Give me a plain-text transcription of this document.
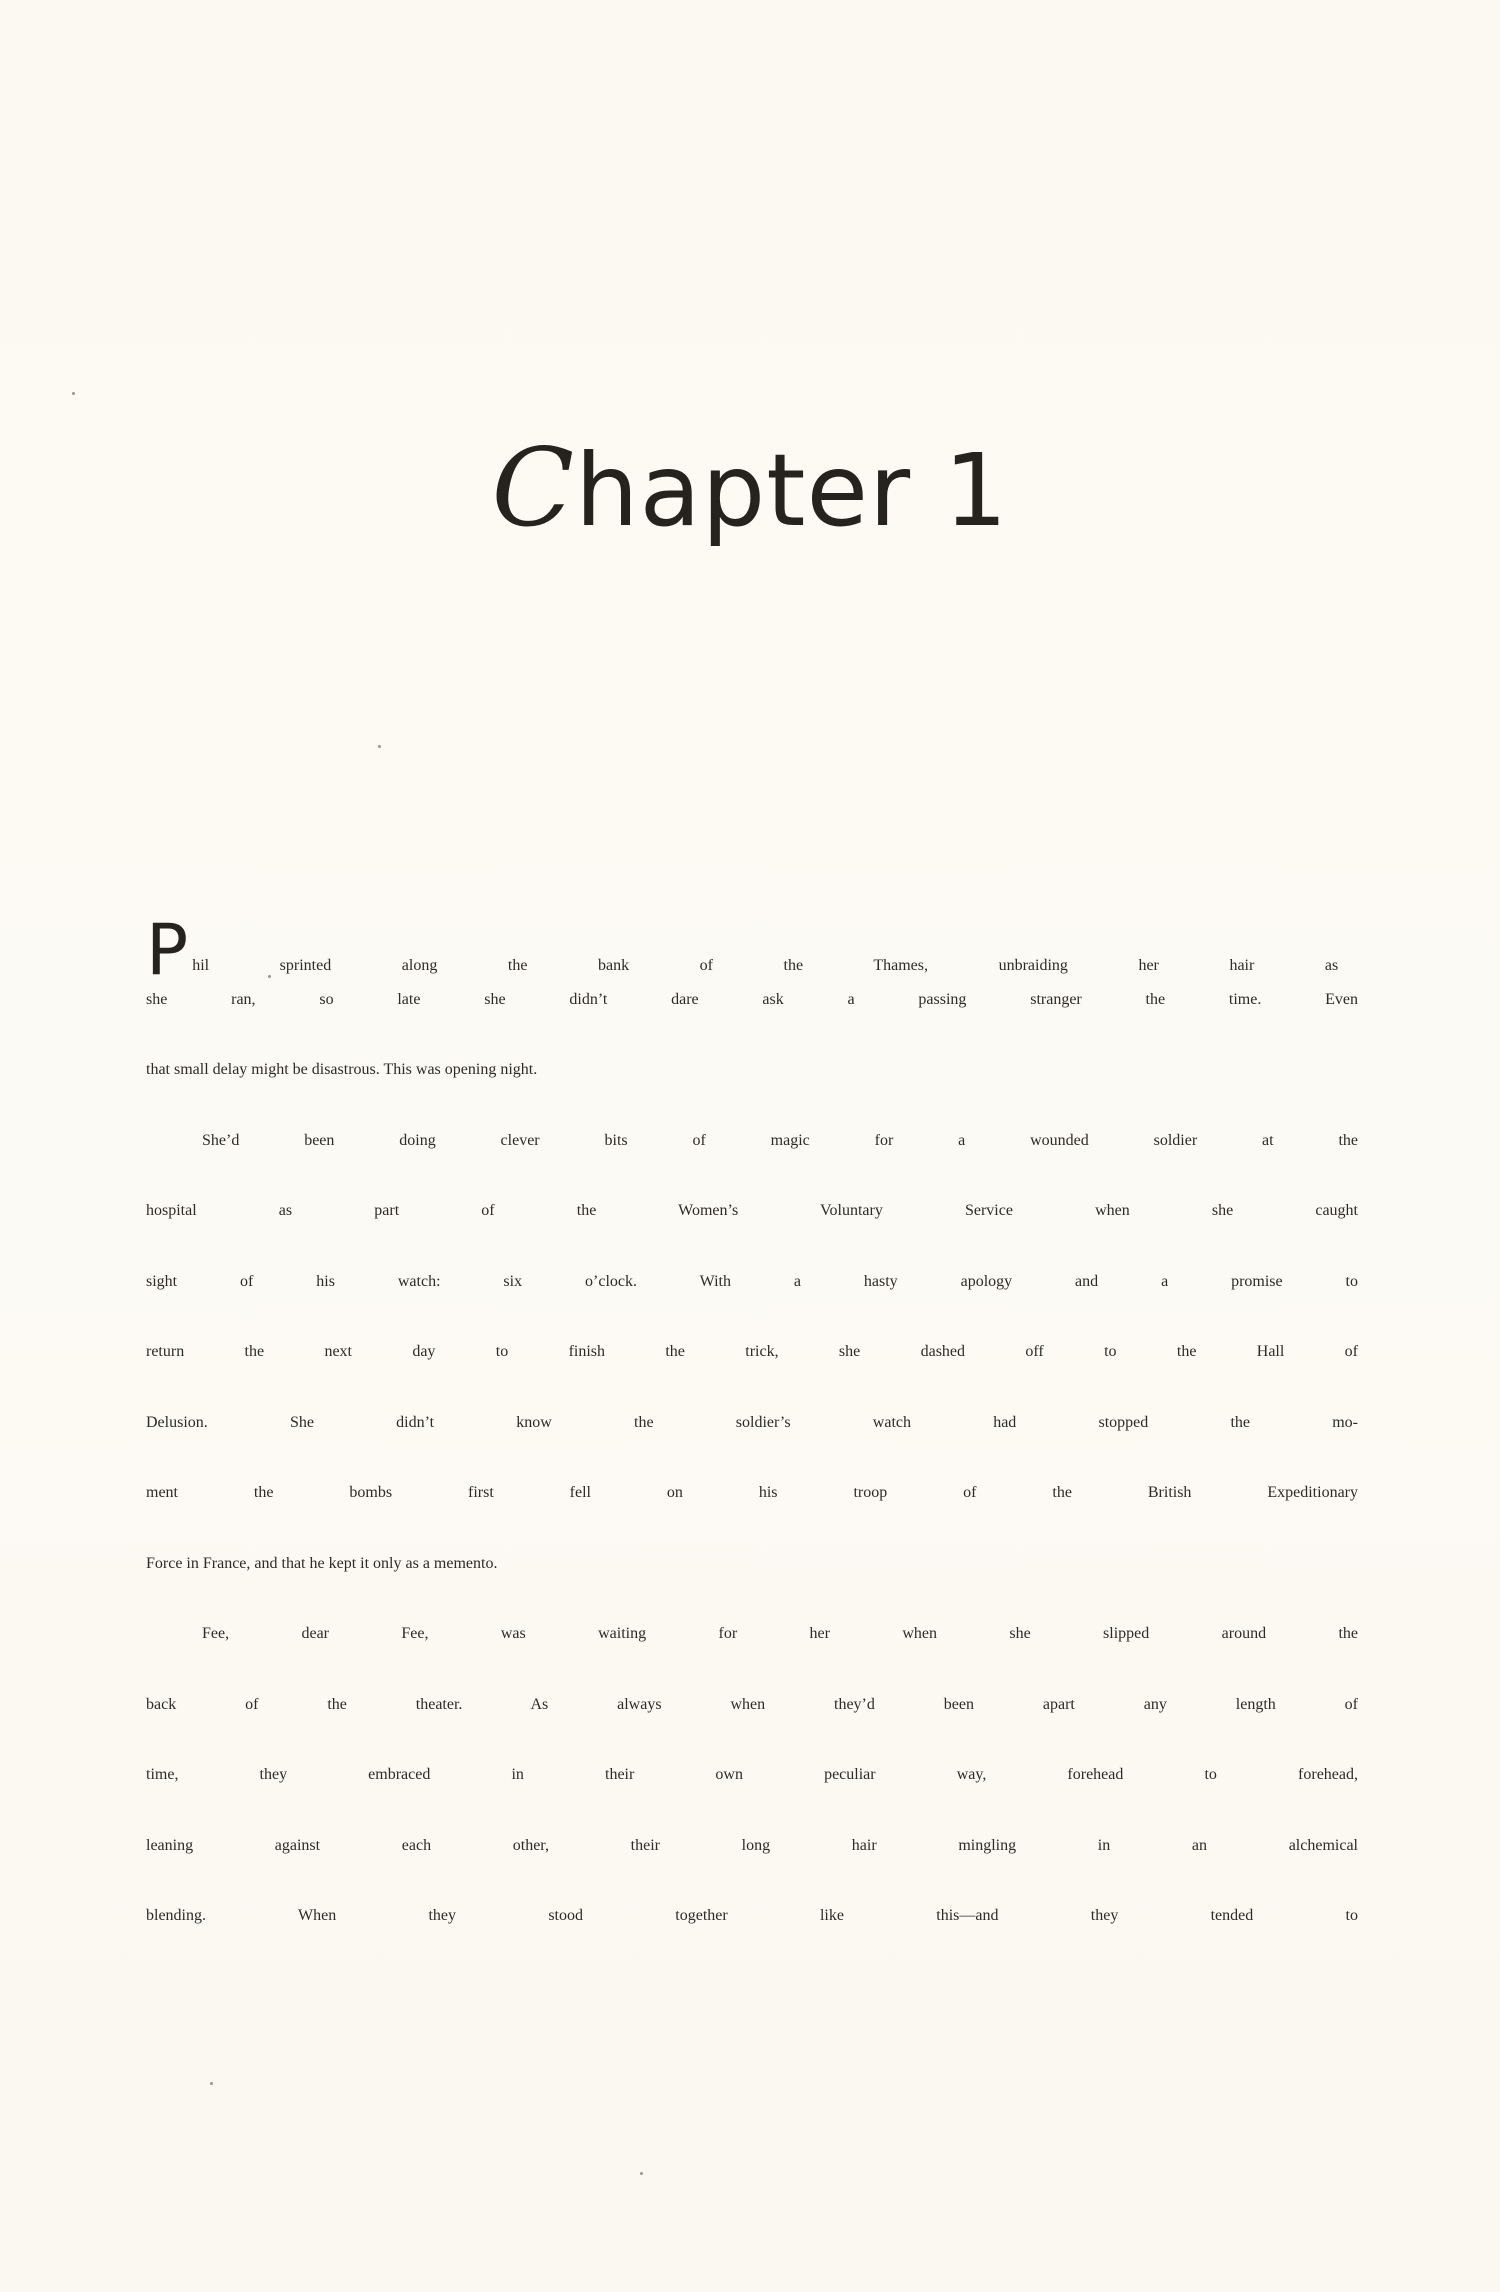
Chapter 1
P hil sprinted along the bank of the Thames, unbraiding her hair as
she ran, so late she didn’t dare ask a passing stranger the time. Even
that small delay might be disastrous. This was opening night.
She’d been doing clever bits of magic for a wounded soldier at the
hospital as part of the Women’s Voluntary Service when she caught
sight of his watch: six o’clock. With a hasty apology and a promise to
return the next day to finish the trick, she dashed off to the Hall of
Delusion. She didn’t know the soldier’s watch had stopped the mo-
ment the bombs first fell on his troop of the British Expeditionary
Force in France, and that he kept it only as a memento.
Fee, dear Fee, was waiting for her when she slipped around the
back of the theater. As always when they’d been apart any length of
time, they embraced in their own peculiar way, forehead to forehead,
leaning against each other, their long hair mingling in an alchemical
blending. When they stood together like this—and they tended to
